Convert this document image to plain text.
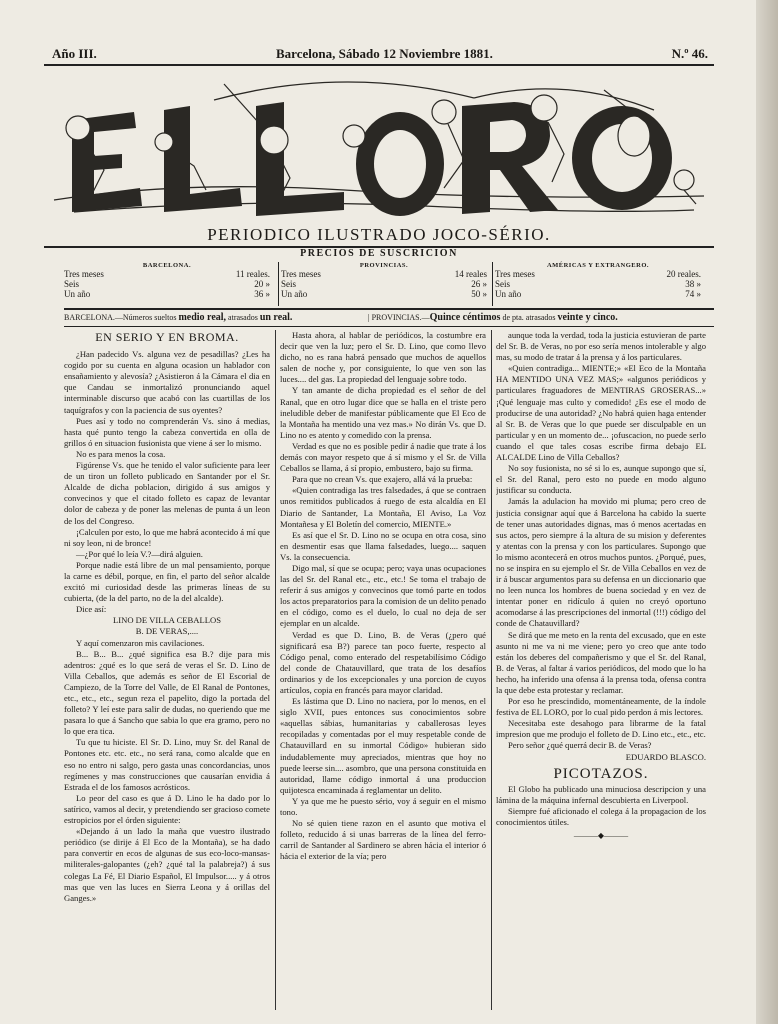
Año III.	Barcelona, Sábado 12 Noviembre 1881.	N.º 46.
PERIODICO ILUSTRADO JOCO-SÉRIO.
PRECIOS DE SUSCRICION
BARCELONA.
Tres meses	11 reales.
Seis	20 »
Un año	36 »
PROVINCIAS.
Tres meses	14 reales
Seis	26 »
Un año	50 »
AMÉRICAS Y EXTRANGERO.
Tres meses	20 reales.
Seis	38 »
Un año	74 »
BARCELONA.—Números sueltos medio real, atrasados un real.	| PROVINCIAS.—Quince céntimos de pta. atrasados veinte y cinco.
EN SERIO Y EN BROMA.

¿Han padecido Vs. alguna vez de pesadillas? ¿Les ha cogido por su cuenta en alguna ocasion un hablador con ensañamiento y alevosía? ¿Asistieron á la Cámara el dia en que Candau se inmortalizó pronunciando aquel interminable discurso que acabó con las cuartillas de los taquígrafos y con la paciencia de sus oyentes?

Pues así y todo no comprenderán Vs. sino á medias, hasta qué punto tengo la cabeza convertida en olla de grillos ó en situacion fusionista que viene á ser lo mismo.

No es para menos la cosa.

Figúrense Vs. que he tenido el valor suficiente para leer de un tiron un folleto publicado en Santander por el Sr. Alcalde de dicha poblacion, dirigido á sus amigos y convecinos y que el citado folleto es capaz de levantar dolor de cabeza y de poner las melenas de punta á un leon de los del Congreso.

¡Calculen por esto, lo que me habrá acontecido á mí que ni soy leon, ni de bronce!

—¿Por qué lo leía V.?—dirá alguien.

Porque nadie está libre de un mal pensamiento, porque la carne es débil, porque, en fin, el parto del señor alcalde excitó mi curiosidad desde las primeras líneas de su cubierta, (de la del parto, no de la del alcalde).

Dice así:

LINO DE VILLA CEBALLOS

B. DE VERAS,....

Y aquí comenzaron mis cavilaciones.

B... B... B... ¿qué significa esa B.? dije para mis adentros: ¿qué es lo que será de veras el Sr. D. Lino de Villa Ceballos, que además es señor de El Escorial de Campiezo, de la Torre del Valle, de El Ranal de Pontones, etc., etc., etc., segun reza el papelito, digo la portada del folleto? Y leí este para salir de dudas, no queriendo que me pasara lo que á Sancho que sabia lo que era gramo, pero no lo que era tica.

Tu que tu hiciste. El Sr. D. Lino, muy Sr. del Ranal de Pontones etc. etc. etc., no será rana, como alcalde que en eso no entro ni salgo, pero gasta unas concordancias, unos regímenes y mas construcciones que causarían envidia á Estrada el de los famosos acrósticos.

Lo peor del caso es que á D. Lino le ha dado por lo satírico, vamos al decir, y pretendiendo ser gracioso comete estropicios por el órden siguiente:

«Dejando á un lado la maña que vuestro ilustrado periódico (se dirije á El Eco de la Montaña), se ha dado para convertir en ecos de algunas de sus eco-loco-mansas-militerales-galopantes (¿eh? ¿qué tal la palabreja?) á sus colegas La Fé, El Diario Español, El Impulsor..... y á otros mas que ven las luces en Sierra Leona y á orillas del Ganges.»

Hasta ahora, al hablar de periódicos, la costumbre era decir que ven la luz; pero el Sr. D. Lino, que como llevo dicho, no es rana habrá pensado que muchos de aquellos salen de noche y, por consiguiente, lo que ven son las luces.... del gas. La propiedad del lenguaje sobre todo.

Y tan amante de dicha propiedad es el señor de del Ranal, que en otro lugar dice que se halla en el triste pero ineludible deber de manifestar públicamente que El Eco de la Montaña ha mentido una vez mas.» No dirán Vs. que D. Lino no es atento y comedido con la prensa.

Verdad es que no es posible pedir á nadie que trate á los demás con mayor respeto que á sí mismo y el Sr. de Villa Ceballos se llama, á sí propio, embustero, bajo su firma.

Para que no crean Vs. que exajero, allá vá la prueba:

«Quien contradiga las tres falsedades, á que se contraen unos remitidos publicados á ruego de esta alcaldía en El Diario de Santander, La Montaña, El Aviso, La Voz Montañesa y El Boletín del comercio, MIENTE.»

Es así que el Sr. D. Lino no se ocupa en otra cosa, sino en desmentir esas que llama falsedades, luego.... saquen Vs. la consecuencia.

Digo mal, sí que se ocupa; pero; vaya unas ocupaciones las del Sr. del Ranal etc., etc., etc.! Se toma el trabajo de referir á sus amigos y convecinos que tomó parte en todos los actos preparatorios para la comision de un delito penado en el código, como es el duelo, lo cual no deja de ser ejemplar en un alcalde.

Verdad es que D. Lino, B. de Veras (¿pero qué significará esa B?) parece tan poco fuerte, respecto al Código penal, como enterado del respetabilísimo Código del conde de Chatauvillard, que trata de los desafíos ordinarios y de los excepcionales y una porcion de cuyos artículos, copia en francés para mayor claridad.

Es lástima que D. Lino no naciera, por lo menos, en el siglo XVII, pues entonces sus conocimientos sobre «aquellas sábias, humanitarias y caballerosas leyes recopiladas y comentadas por el muy respetable conde de Chatauvillard en su inmortal Código» hubieran sido indudablemente muy apreciados, mientras que hoy no puede leerse sin.... asombro, que una persona constituida en autoridad, llame código inmortal á una produccion quijotesca encaminada á reglamentar un delito.

Y ya que me he puesto sério, voy á seguir en el mismo tono.

No sé quien tiene razon en el asunto que motiva el folleto, reducido á si unas barreras de la línea del ferro-carril de Santander al Sardinero se abren hácia el interior ó hácia el exterior de la vía; pero

aunque toda la verdad, toda la justicia estuvieran de parte del Sr. B. de Veras, no por eso sería menos intolerable y algo mas, su modo de tratar á la prensa y á los particulares.

«Quien contradiga... MIENTE;» «El Eco de la Montaña HA MENTIDO UNA VEZ MAS;» «algunos periódicos y particulares fraguadores de MENTIRAS GROSERAS...» ¡Qué lenguaje mas culto y comedido! ¿Es ese el modo de producirse de una autoridad? ¿No habrá quien haga entender al Sr. B. de Veras que lo que puede ser disculpable en un particular y en un momento de... ¡ofuscacion, no puede serlo cuando el que tales cosas escribe firma debajo EL ALCALDE Lino de Villa Ceballos?

No soy fusionista, no sé si lo es, aunque supongo que sí, el Sr. del Ranal, pero esto no puede en modo alguno justificar su conducta.

Jamás la adulacion ha movido mi pluma; pero creo de justicia consignar aquí que á Barcelona ha cabido la suerte de tener unas autoridades dignas, mas ó menos acertadas en sus actos, pero siempre á la altura de su mision y deferentes y atentas con la prensa y con los particulares. Supongo que lo mismo acontecerá en otros muchos puntos. ¿Porqué, pues, no se inspira en su ejemplo el Sr. de Villa Ceballos en vez de ir á buscar argumentos para su defensa en un diccionario que no leen nunca los hombres de buena sociedad y en vez de intentar poner en ridículo á quien no creyó oportuno acomodarse á las prescripciones del inmortal (!!!) código del conde de Chatauvillard?

Se dirá que me meto en la renta del excusado, que en este asunto ni me va ni me viene; pero yo creo que ante todo están los deberes del compañerismo y que el Sr. del Ranal, B. de Veras, al faltar á varios periódicos, del modo que lo ha hecho, ha inferido una ofensa á la prensa toda, ofensa contra la que debe esta protestar y reclamar.

Por eso he prescindido, momentáneamente, de la índole festiva de EL LORO, por lo cual pido perdon á mis lectores.

Necesitaba este desahogo para librarme de la fatal impresion que me produjo el folleto de D. Lino etc., etc., etc.

Pero señor ¿qué querrá decir B. de Veras?

EDUARDO BLASCO.

PICOTAZOS.

El Globo ha publicado una minuciosa descripcion y una lámina de la máquina infernal descubierta en Liverpool.

Siempre fué aficionado el colega á la propagacion de los conocimientos útiles.

———◆———
